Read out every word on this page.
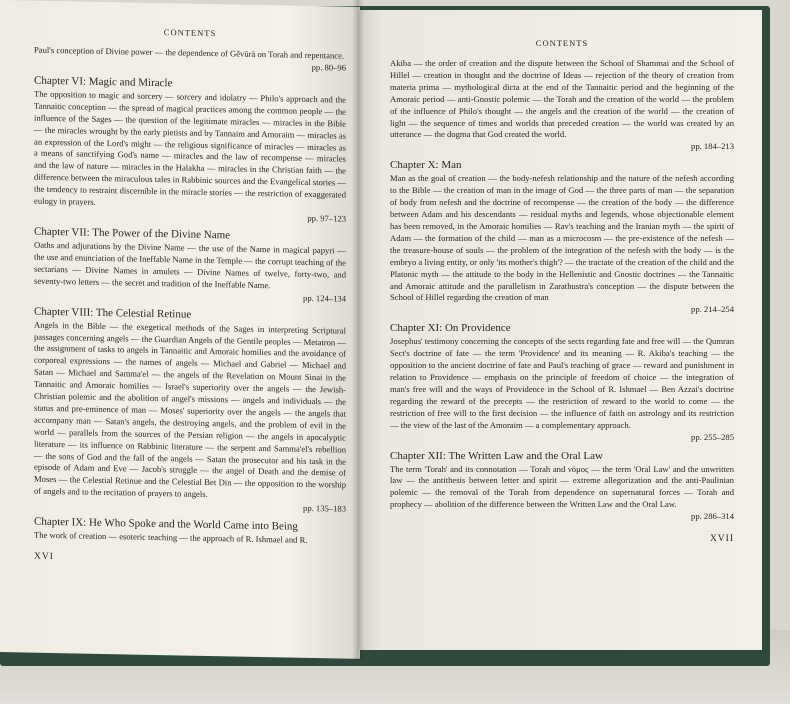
CONTENTS
Paul's conception of Divine power — the dependence of Gĕvūrā on Torah and repentance.
pp. 80–96
Chapter VI: Magic and Miracle
The opposition to magic and sorcery — sorcery and idolatry — Philo's approach and the Tannaitic conception — the spread of magical practices among the common people — the influence of the Sages — the question of the legitimate miracles — miracles in the Bible — the miracles wrought by the early pietists and by Tannaim and Amoraim — miracles as an expression of the Lord's might — the religious significance of miracles — miracles as a means of sanctifying God's name — miracles and the law of recompense — miracles and the law of nature — miracles in the Halakha — miracles in the Christian faith — the difference between the miraculous tales in Rabbinic sources and the Evangelical stories — the tendency to restraint discernible in the miracle stories — the restriction of exaggerated eulogy in prayers.
pp. 97–123
Chapter VII: The Power of the Divine Name
Oaths and adjurations by the Divine Name — the use of the Name in magical papyri — the use and enunciation of the Ineffable Name in the Temple — the corrupt teaching of the sectarians — Divine Names in amulets — Divine Names of twelve, forty-two, and seventy-two letters — the secret and tradition of the Ineffable Name.
pp. 124–134
Chapter VIII: The Celestial Retinue
Angels in the Bible — the exegetical methods of the Sages in interpreting Scriptural passages concerning angels — the Guardian Angels of the Gentile peoples — Metatron — the assignment of tasks to angels in Tannaitic and Amoraic homilies and the avoidance of corporeal expressions — the names of angels — Michael and Gabriel — Michael and Satan — Michael and Samma'el — the angels of the Revelation on Mount Sinai in the Tannaitic and Amoraic homilies — Israel's superiority over the angels — the Jewish-Christian polemic and the abolition of angel's missions — angels and individuals — the status and pre-eminence of man — Moses' superiority over the angels — the angels that accompany man — Satan's angels, the destroying angels, and the problem of evil in the world — parallels from the sources of the Persian religion — the angels in apocalyptic literature — its influence on Rabbinic literature — the serpent and Samma'el's rebellion — the sons of God and the fall of the angels — Satan the prosecutor and his task in the episode of Adam and Eve — Jacob's struggle — the angel of Death and the demise of Moses — the Celestial Retinue and the Celestial Bet Din — the opposition to the worship of angels and to the recitation of prayers to angels.
pp. 135–183
Chapter IX: He Who Spoke and the World Came into Being
The work of creation — esoteric teaching — the approach of R. Ishmael and R.
XVI
CONTENTS
Akiba — the order of creation and the dispute between the School of Shammai and the School of Hillel — creation in thought and the doctrine of Ideas — rejection of the theory of creation from materia prima — mythological dicta at the end of the Tannaitic period and the beginning of the Amoraic period — anti-Gnostic polemic — the Torah and the creation of the world — the problem of the influence of Philo's thought — the angels and the creation of the world — the creation of light — the sequence of times and worlds that preceded creation — the world was created by an utterance — the dogma that God created the world.
pp. 184–213
Chapter X: Man
Man as the goal of creation — the body-nefesh relationship and the nature of the nefesh according to the Bible — the creation of man in the image of God — the three parts of man — the separation of body from nefesh and the doctrine of recompense — the creation of the body — the difference between Adam and his descendants — residual myths and legends, whose objectionable element has been removed, in the Amoraic homilies — Rav's teaching and the Iranian myth — the spirit of Adam — the formation of the child — man as a microcosm — the pre-existence of the nefesh — the treasure-house of souls — the problem of the integration of the nefesh with the body — is the embryo a living entity, or only 'its mother's thigh'? — the tractate of the creation of the child and the Platonic myth — the attitude to the body in the Hellenistic and Gnostic doctrines — the Tannaitic and Amoraic attitude and the parallelism in Zarathustra's conception — the dispute between the School of Hillel regarding the creation of man
pp. 214–254
Chapter XI: On Providence
Josephus' testimony concerning the concepts of the sects regarding fate and free will — the Qumran Sect's doctrine of fate — the term 'Providence' and its meaning — R. Akiba's teaching — the opposition to the ancient doctrine of fate and Paul's teaching of grace — reward and punishment in relation to Providence — emphasis on the principle of freedom of choice — the integration of man's free will and the ways of Providence in the School of R. Ishmael — Ben Azzai's doctrine regarding the reward of the precepts — the restriction of reward to the world to come — the restriction of free will to the first decision — the influence of faith on astrology and its restriction — the view of the last of the Amoraim — a complementary approach.
pp. 255–285
Chapter XII: The Written Law and the Oral Law
The term 'Torah' and its connotation — Torah and νόμος — the term 'Oral Law' and the unwritten law — the antithesis between letter and spirit — extreme allegorization and the anti-Paulinian polemic — the removal of the Torah from dependence on supernatural forces — Torah and prophecy — abolition of the difference between the Written Law and the Oral Law.
pp. 286–314
XVII
